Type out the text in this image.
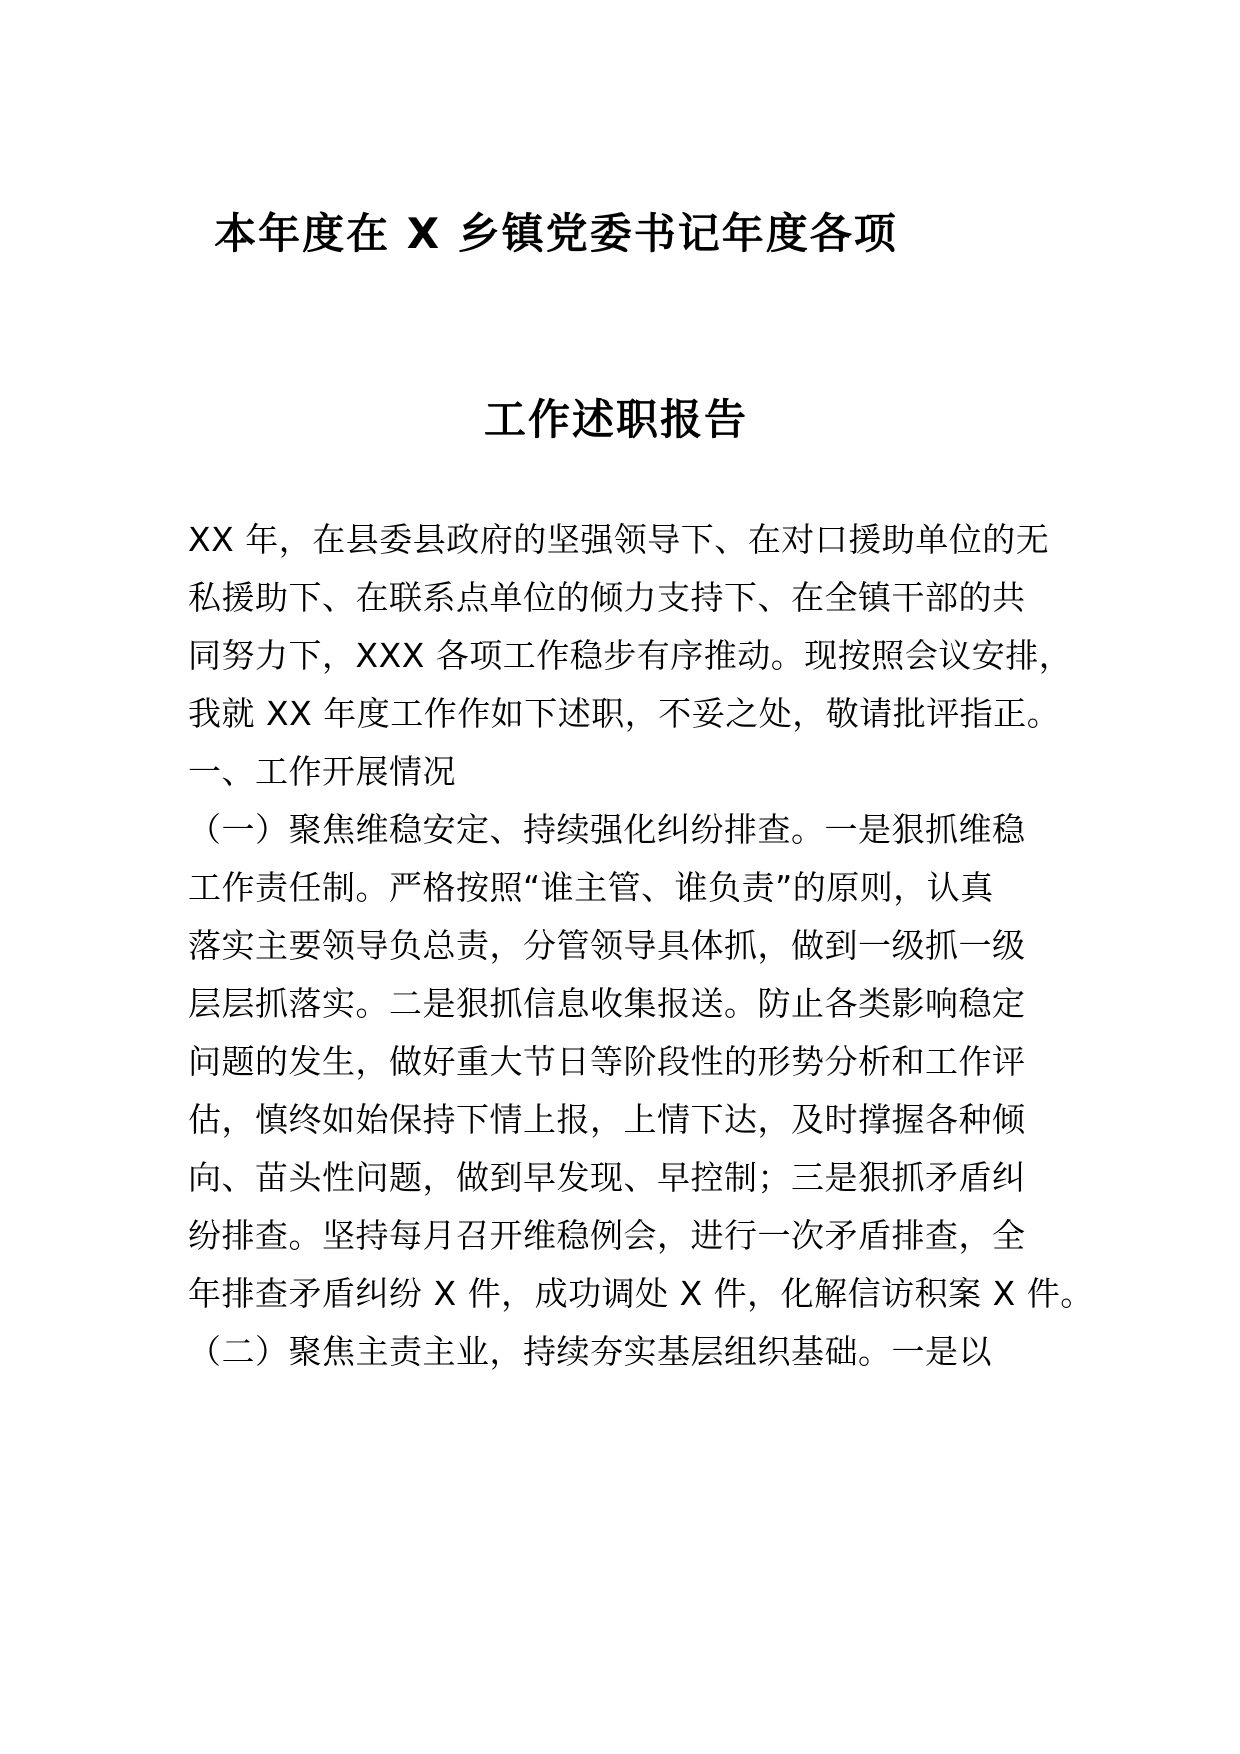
本年度在 X 乡镇党委书记年度各项
工作述职报告
XX 年，在县委县政府的坚强领导下、在对口援助单位的无
私援助下、在联系点单位的倾力支持下、在全镇干部的共
同努力下，XXX 各项工作稳步有序推动。现按照会议安排，
我就 XX 年度工作作如下述职，不妥之处，敬请批评指正。
一、工作开展情况
（一）聚焦维稳安定、持续强化纠纷排查。一是狠抓维稳
工作责任制。严格按照“谁主管、谁负责”的原则，认真
落实主要领导负总责，分管领导具体抓，做到一级抓一级
层层抓落实。二是狠抓信息收集报送。防止各类影响稳定
问题的发生，做好重大节日等阶段性的形势分析和工作评
估，慎终如始保持下情上报，上情下达，及时撑握各种倾
向、苗头性问题，做到早发现、早控制；三是狠抓矛盾纠
纷排查。坚持每月召开维稳例会，进行一次矛盾排查，全
年排查矛盾纠纷 X 件，成功调处 X 件，化解信访积案 X 件。
（二）聚焦主责主业，持续夯实基层组织基础。一是以
